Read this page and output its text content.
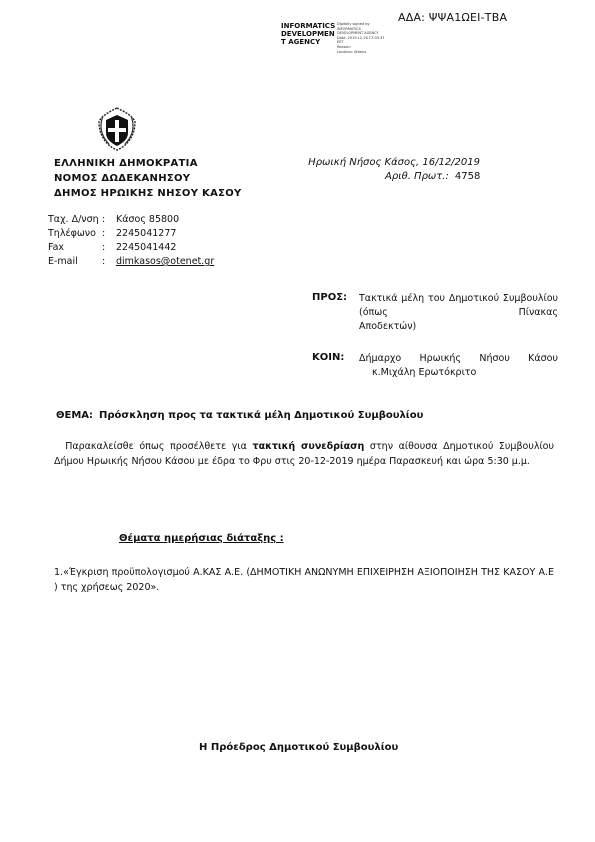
ΑΔΑ: ΨΨΑ1ΩΕΙ-ΤΒΑ
INFORMATICS DEVELOPMEN T AGENCY
Digitally signed by
INFORMATICS
DEVELOPMENT AGENCY
Date: 2019.12.16 17:03:37
EET
Reason:
Location: Athens
ΕΛΛΗΝΙΚΗ ΔΗΜΟΚΡΑΤΙΑ
ΝΟΜΟΣ ΔΩΔΕΚΑΝΗΣΟΥ
ΔΗΜΟΣ ΗΡΩΙΚΗΣ ΝΗΣΟΥ ΚΑΣΟΥ
Ηρωική Νήσος Κάσος, 16/12/2019
Αριθ. Πρωτ.: 4758
Ταχ. Δ/νση :	Κάσος 85800
Τηλέφωνο :	2245041277
Fax	:	2245041442
E-mail	:	dimkasos@otenet.gr
ΠΡΟΣ: Τακτικά μέλη του Δημοτικού Συμβουλίου (όπως Πίνακας
Αποδεκτών)
ΚΟΙΝ: Δήμαρχο Ηρωικής Νήσου Κάσου
κ.Μιχάλη Ερωτόκριτο
ΘΕΜΑ: Πρόσκληση προς τα τακτικά μέλη Δημοτικού Συμβουλίου
Παρακαλείσθε όπως προσέλθετε για τακτική συνεδρίαση στην αίθουσα Δημοτικού Συμβουλίου Δήμου Ηρωικής Νήσου Κάσου με έδρα το Φρυ στις 20-12-2019 ημέρα Παρασκευή και ώρα 5:30 μ.μ.
Θέματα ημερήσιας διάταξης :
1.«Έγκριση προϋπολογισμού Α.ΚΑΣ Α.Ε. (ΔΗΜΟΤΙΚΗ ΑΝΩΝΥΜΗ ΕΠΙΧΕΙΡΗΣΗ ΑΞΙΟΠΟΙΗΣΗ ΤΗΣ ΚΑΣΟΥ Α.Ε ) της χρήσεως 2020».
Η Πρόεδρος Δημοτικού Συμβουλίου
